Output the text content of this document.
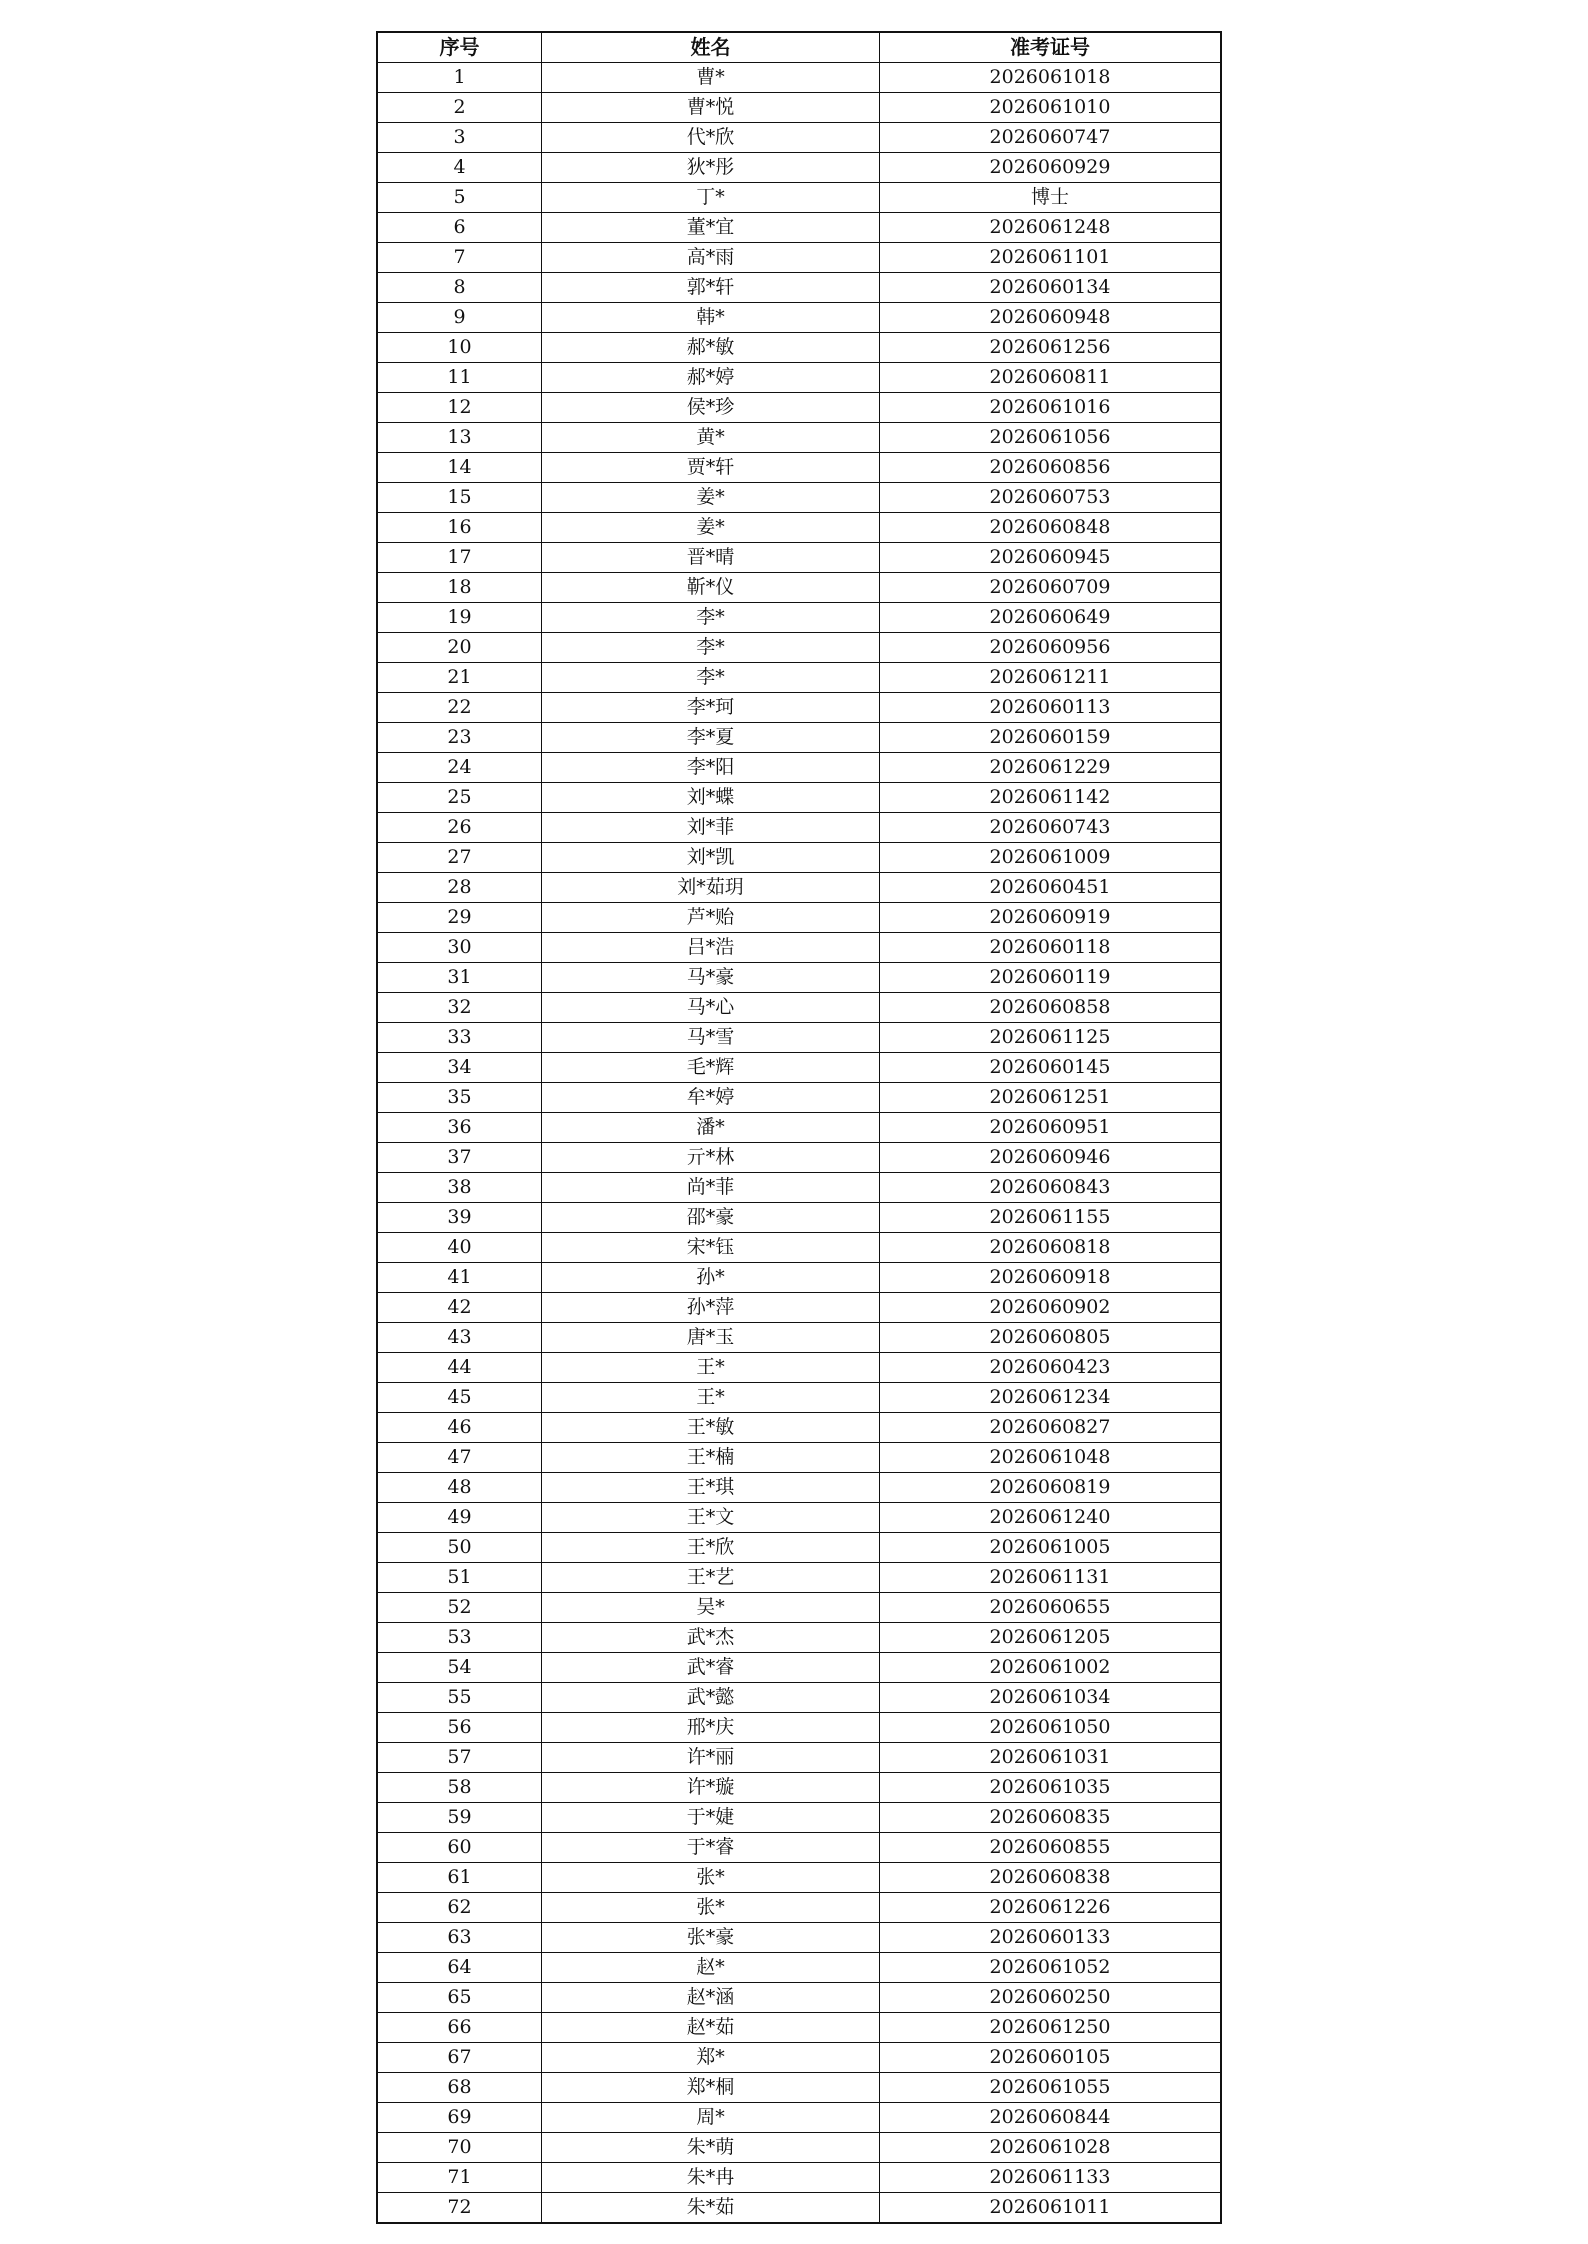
序号	姓名	准考证号
1	曹*	2026061018
2	曹*悦	2026061010
3	代*欣	2026060747
4	狄*彤	2026060929
5	丁*	博士
6	董*宜	2026061248
7	高*雨	2026061101
8	郭*轩	2026060134
9	韩*	2026060948
10	郝*敏	2026061256
11	郝*婷	2026060811
12	侯*珍	2026061016
13	黄*	2026061056
14	贾*轩	2026060856
15	姜*	2026060753
16	姜*	2026060848
17	晋*晴	2026060945
18	靳*仪	2026060709
19	李*	2026060649
20	李*	2026060956
21	李*	2026061211
22	李*珂	2026060113
23	李*夏	2026060159
24	李*阳	2026061229
25	刘*蝶	2026061142
26	刘*菲	2026060743
27	刘*凯	2026061009
28	刘*茹玥	2026060451
29	芦*贻	2026060919
30	吕*浩	2026060118
31	马*豪	2026060119
32	马*心	2026060858
33	马*雪	2026061125
34	毛*辉	2026060145
35	牟*婷	2026061251
36	潘*	2026060951
37	亓*林	2026060946
38	尚*菲	2026060843
39	邵*豪	2026061155
40	宋*钰	2026060818
41	孙*	2026060918
42	孙*萍	2026060902
43	唐*玉	2026060805
44	王*	2026060423
45	王*	2026061234
46	王*敏	2026060827
47	王*楠	2026061048
48	王*琪	2026060819
49	王*文	2026061240
50	王*欣	2026061005
51	王*艺	2026061131
52	吴*	2026060655
53	武*杰	2026061205
54	武*睿	2026061002
55	武*懿	2026061034
56	邢*庆	2026061050
57	许*丽	2026061031
58	许*璇	2026061035
59	于*婕	2026060835
60	于*睿	2026060855
61	张*	2026060838
62	张*	2026061226
63	张*豪	2026060133
64	赵*	2026061052
65	赵*涵	2026060250
66	赵*茹	2026061250
67	郑*	2026060105
68	郑*桐	2026061055
69	周*	2026060844
70	朱*萌	2026061028
71	朱*冉	2026061133
72	朱*茹	2026061011
